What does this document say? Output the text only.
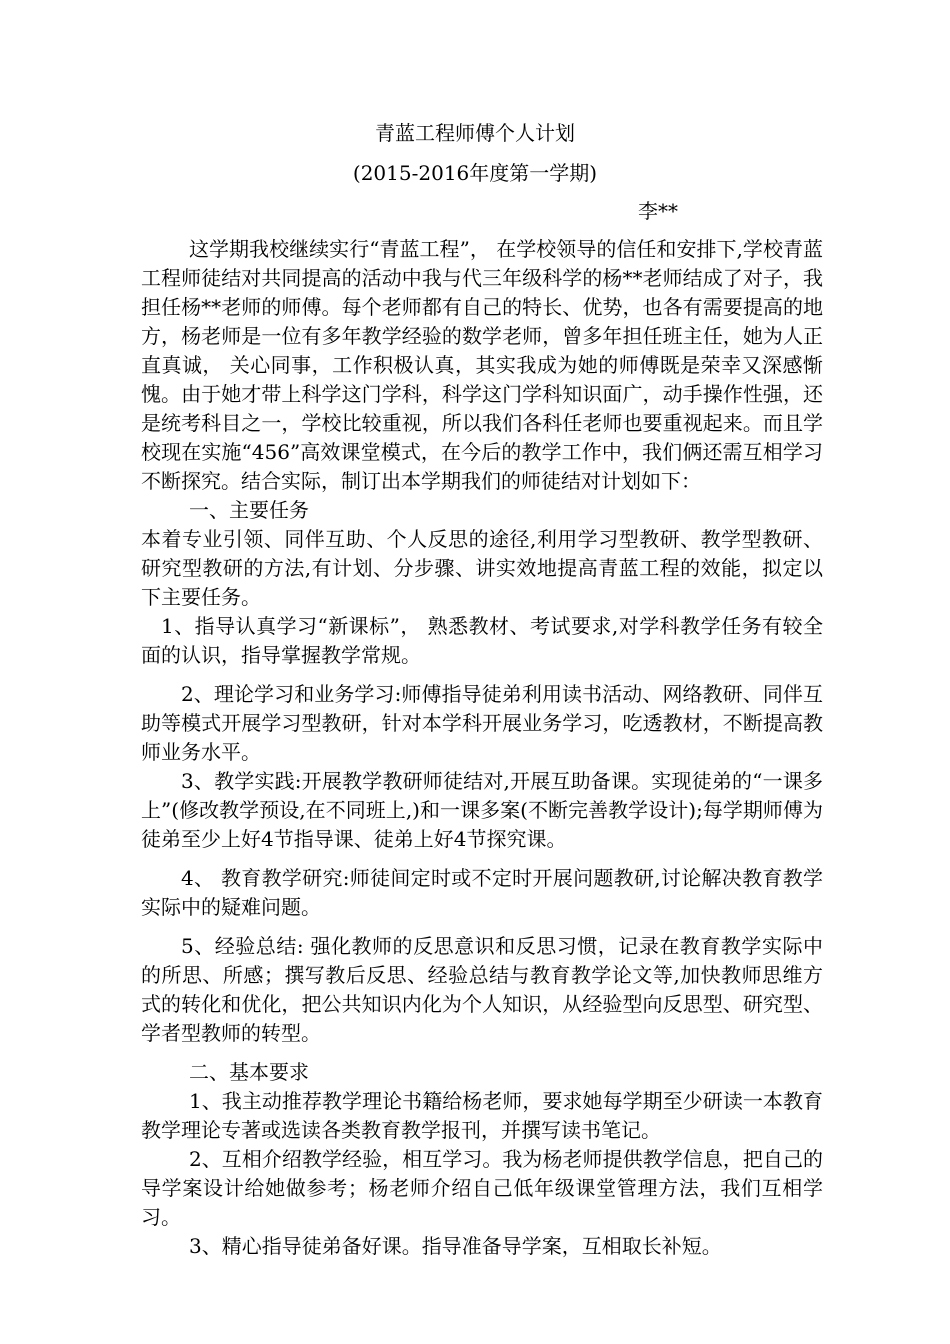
青蓝工程师傅个人计划
(2015-2016年度第一学期)
李**

这学期我校继续实行“青蓝工程”， 在学校领导的信任和安排下,学校青蓝工程师徒结对共同提高的活动中我与代三年级科学的杨**老师结成了对子，我担任杨**老师的师傅。每个老师都有自己的特长、优势，也各有需要提高的地方，杨老师是一位有多年教学经验的数学老师，曾多年担任班主任，她为人正直真诚， 关心同事，工作积极认真，其实我成为她的师傅既是荣幸又深感惭愧。由于她才带上科学这门学科，科学这门学科知识面广，动手操作性强，还是统考科目之一，学校比较重视，所以我们各科任老师也要重视起来。而且学校现在实施“456”高效课堂模式，在今后的教学工作中，我们俩还需互相学习不断探究。结合实际，制订出本学期我们的师徒结对计划如下：

一、主要任务

本着专业引领、同伴互助、个人反思的途径,利用学习型教研、教学型教研、研究型教研的方法,有计划、分步骤、讲实效地提高青蓝工程的效能，拟定以下主要任务。

1、指导认真学习“新课标”， 熟悉教材、考试要求,对学科教学任务有较全面的认识，指导掌握教学常规。

2、理论学习和业务学习:师傅指导徒弟利用读书活动、网络教研、同伴互助等模式开展学习型教研，针对本学科开展业务学习，吃透教材，不断提高教师业务水平。

3、教学实践:开展教学教研师徒结对,开展互助备课。实现徒弟的“一课多上”(修改教学预设,在不同班上,)和一课多案(不断完善教学设计);每学期师傅为徒弟至少上好4节指导课、徒弟上好4节探究课。

4、 教育教学研究:师徒间定时或不定时开展问题教研,讨论解决教育教学实际中的疑难问题。

5、经验总结: 强化教师的反思意识和反思习惯，记录在教育教学实际中的所思、所感；撰写教后反思、经验总结与教育教学论文等,加快教师思维方式的转化和优化，把公共知识内化为个人知识，从经验型向反思型、研究型、学者型教师的转型。

二、基本要求

1、我主动推荐教学理论书籍给杨老师，要求她每学期至少研读一本教育教学理论专著或选读各类教育教学报刊，并撰写读书笔记。

2、互相介绍教学经验，相互学习。我为杨老师提供教学信息，把自己的导学案设计给她做参考；杨老师介绍自己低年级课堂管理方法，我们互相学习。

3、精心指导徒弟备好课。指导准备导学案，互相取长补短。
